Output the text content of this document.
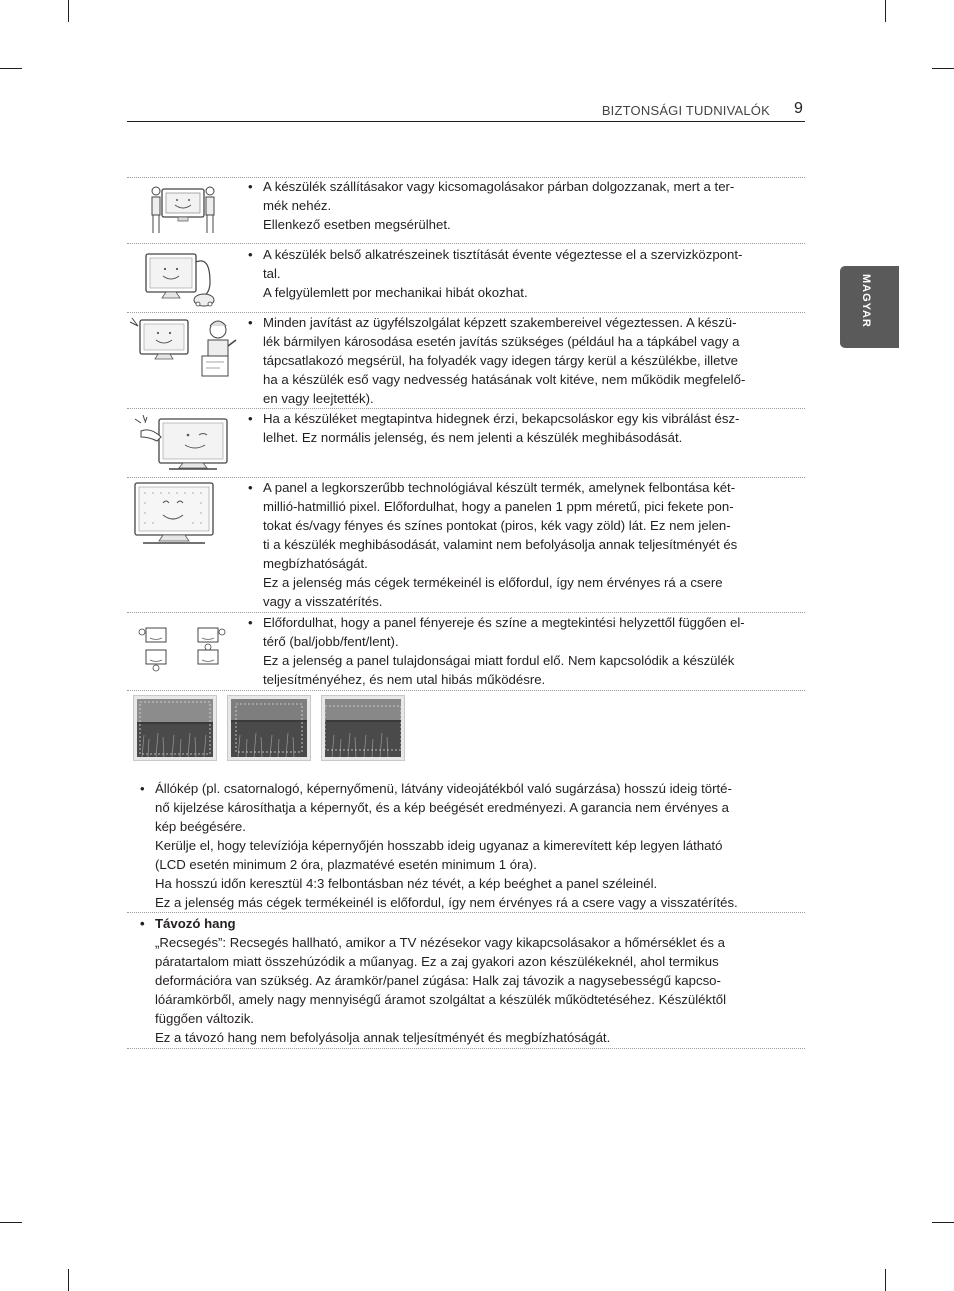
BIZTONSÁGI TUDNIVALÓK 9
MAGYAR
• A készülék szállításakor vagy kicsomagolásakor párban dolgozzanak, mert a ter-
mék nehéz.
Ellenkező esetben megsérülhet.
• A készülék belső alkatrészeinek tisztítását évente végeztesse el a szervizközpont-
tal.
A felgyülemlett por mechanikai hibát okozhat.
• Minden javítást az ügyfélszolgálat képzett szakembereivel végeztessen. A készü-
lék bármilyen károsodása esetén javítás szükséges (például ha a tápkábel vagy a
tápcsatlakozó megsérül, ha folyadék vagy idegen tárgy kerül a készülékbe, illetve
ha a készülék eső vagy nedvesség hatásának volt kitéve, nem működik megfelelő-
en vagy leejtették).
• Ha a készüléket megtapintva hidegnek érzi, bekapcsoláskor egy kis vibrálást ész-
lelhet. Ez normális jelenség, és nem jelenti a készülék meghibásodását.
• A panel a legkorszerűbb technológiával készült termék, amelynek felbontása két-
millió-hatmillió pixel. Előfordulhat, hogy a panelen 1 ppm méretű, pici fekete pon-
tokat és/vagy fényes és színes pontokat (piros, kék vagy zöld) lát. Ez nem jelen-
ti a készülék meghibásodását, valamint nem befolyásolja annak teljesítményét és
megbízhatóságát.
Ez a jelenség más cégek termékeinél is előfordul, így nem érvényes rá a csere
vagy a visszatérítés.
• Előfordulhat, hogy a panel fényereje és színe a megtekintési helyzettől függően el-
térő (bal/jobb/fent/lent).
Ez a jelenség a panel tulajdonságai miatt fordul elő. Nem kapcsolódik a készülék
teljesítményéhez, és nem utal hibás működésre.
• Állókép (pl. csatornalogó, képernyőmenü, látvány videojátékból való sugárzása) hosszú ideig törté-
nő kijelzése károsíthatja a képernyőt, és a kép beégését eredményezi. A garancia nem érvényes a
kép beégésére.
Kerülje el, hogy televíziója képernyőjén hosszabb ideig ugyanaz a kimerevített kép legyen látható
(LCD esetén minimum 2 óra, plazmatévé esetén minimum 1 óra).
Ha hosszú időn keresztül 4:3 felbontásban néz tévét, a kép beéghet a panel széleinél.
Ez a jelenség más cégek termékeinél is előfordul, így nem érvényes rá a csere vagy a visszatérítés.
• Távozó hang
„Recsegés”: Recsegés hallható, amikor a TV nézésekor vagy kikapcsolásakor a hőmérséklet és a
páratartalom miatt összehúzódik a műanyag. Ez a zaj gyakori azon készülékeknél, ahol termikus
deformációra van szükség. Az áramkör/panel zúgása: Halk zaj távozik a nagysebességű kapcso-
lóáramkörből, amely nagy mennyiségű áramot szolgáltat a készülék működtetéséhez. Készüléktől
függően változik.
Ez a távozó hang nem befolyásolja annak teljesítményét és megbízhatóságát.
